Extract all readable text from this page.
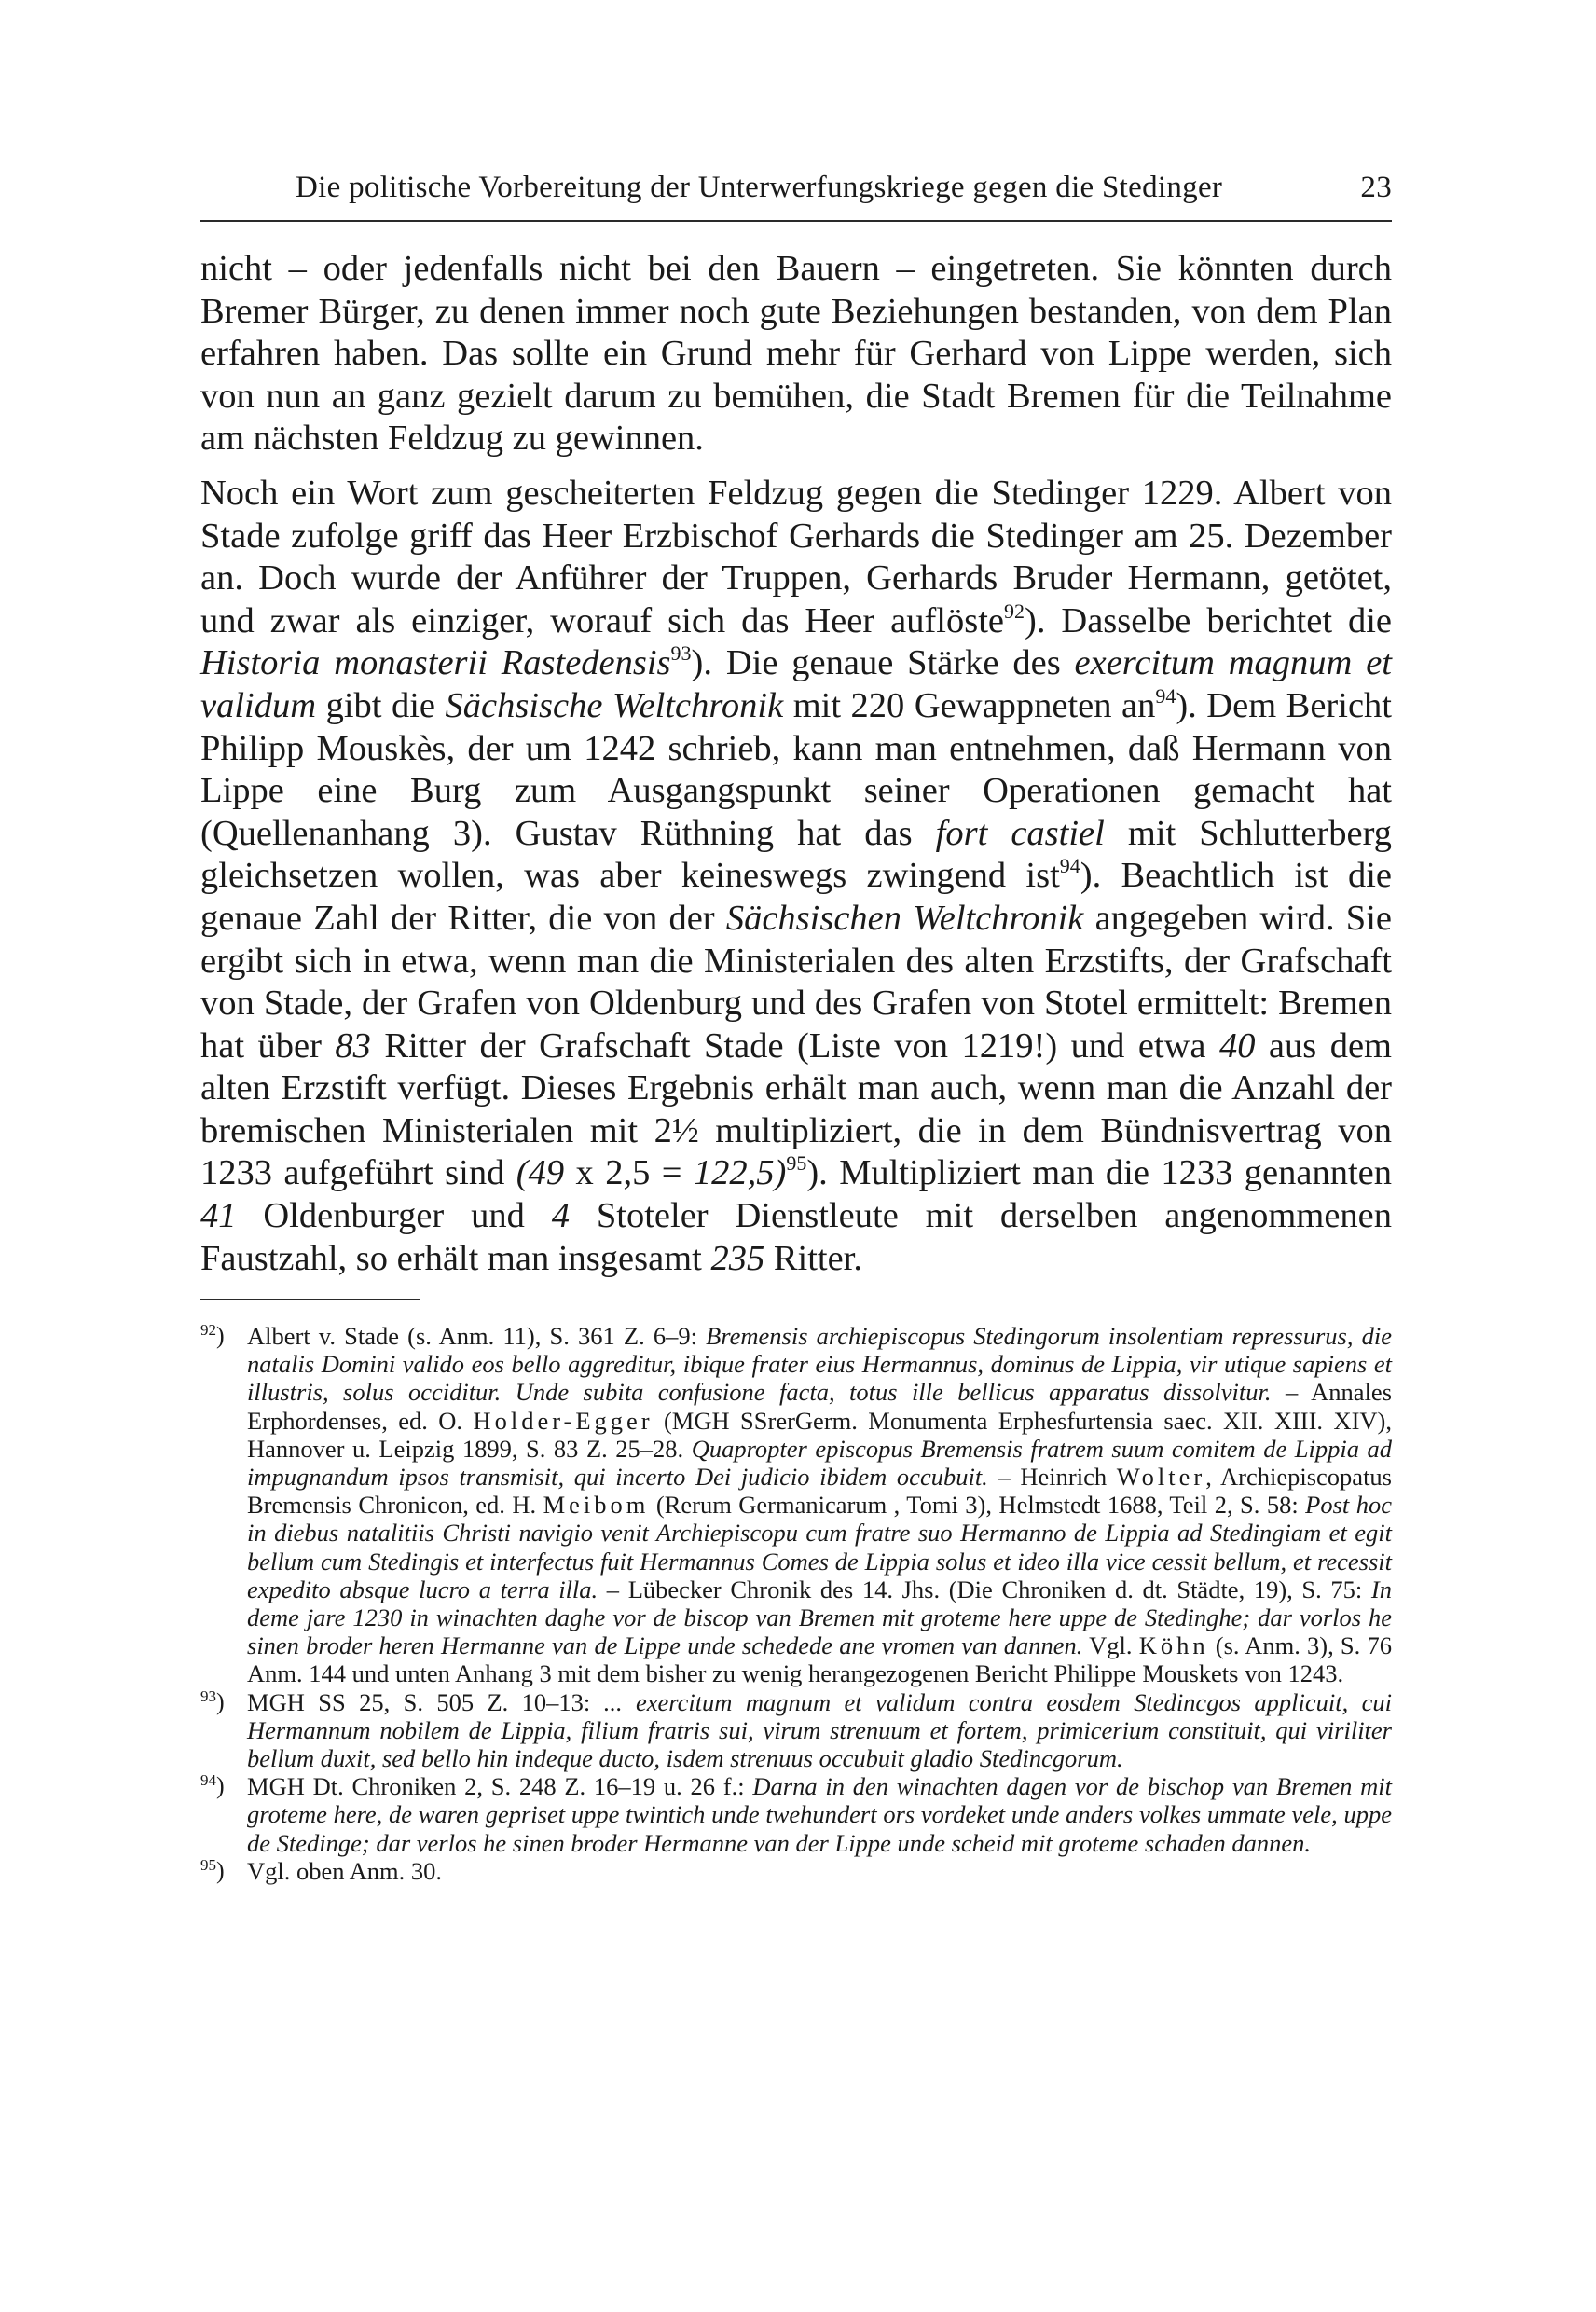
Die politische Vorbereitung der Unterwerfungskriege gegen die Stedinger	23

nicht – oder jedenfalls nicht bei den Bauern – eingetreten. Sie könnten durch Bremer Bürger, zu denen immer noch gute Beziehungen bestanden, von dem Plan erfahren haben. Das sollte ein Grund mehr für Gerhard von Lippe werden, sich von nun an ganz gezielt darum zu bemühen, die Stadt Bremen für die Teilnahme am nächsten Feldzug zu gewinnen.

Noch ein Wort zum gescheiterten Feldzug gegen die Stedinger 1229. Albert von Stade zufolge griff das Heer Erzbischof Gerhards die Stedinger am 25. Dezember an. Doch wurde der Anführer der Truppen, Gerhards Bruder Hermann, getötet, und zwar als einziger, worauf sich das Heer auflöste$^{92}$). Dasselbe berichtet die Historia monasterii Rastedensis$^{93}$). Die genaue Stärke des exercitum magnum et validum gibt die Sächsische Weltchronik mit 220 Gewappneten $an^{94}$). Dem Bericht Philipp Mouskès, der um 1242 schrieb, kann man entnehmen, daß Hermann von Lippe eine Burg zum Ausgangspunkt seiner Operationen gemacht hat (Quellenanhang 3). Gustav Rüthning hat das fort castiel mit Schlutterberg gleichsetzen wollen, was aber keineswegs zwingend ist$^{94}$). Beachtlich ist die genaue Zahl der Ritter, die von der Sächsischen Weltchronik angegeben wird. Sie ergibt sich in etwa, wenn man die Ministerialen des alten Erzstifts, der Grafschaft von Stade, der Grafen von Oldenburg und des Grafen von Stotel ermittelt: Bremen hat über 83 Ritter der Grafschaft Stade (Liste von 1219!) und etwa 40 aus dem alten Erzstift verfügt. Dieses Ergebnis erhält man auch, wenn man die Anzahl der bremischen Ministerialen mit 2½ multipliziert, die in dem Bündnisvertrag von 1233 aufgeführt sind (49 x 2,5 = 122,5)$^{95}$). Multipliziert man die 1233 genannten 41 Oldenburger und 4 Stoteler Dienstleute mit derselben angenommenen Faustzahl, so erhält man insgesamt 235 Ritter.

$^{92}$) Albert v. Stade (s. Anm. 11), S. 361 Z. 6–9: Bremensis archiepiscopus Stedingorum insolentiam repressurus, die natalis Domini valido eos bello aggreditur, ibique frater eius Hermannus, dominus de Lippia, vir utique sapiens et illustris, solus occiditur. Unde subita confusione facta, totus ille bellicus apparatus dissolvitur. – Annales Erphordenses, ed. O. Holder-Egger (MGH SSrerGerm. Monumenta Erphesfurtensia saec. XII. XIII. XIV), Hannover u. Leipzig 1899, S. 83 Z. 25–28. Quapropter episcopus Bremensis fratrem suum comitem de Lippia ad impugnandum ipsos transmisit, qui incerto Dei judicio ibidem occubuit. – Heinrich Wolter, Archiepiscopatus Bremensis Chronicon, ed. H. Meibom (Rerum Germanicarum , Tomi 3), Helmstedt 1688, Teil 2, S. 58: Post hoc in diebus natalitiis Christi navigio venit Archiepiscopu cum fratre suo Hermanno de Lippia ad Stedingiam et egit bellum cum Stedingis et interfectus fuit Hermannus Comes de Lippia solus et ideo illa vice cessit bellum, et recessit expedito absque lucro a terra illa. – Lübecker Chronik des 14. Jhs. (Die Chroniken d. dt. Städte, 19), S. 75: In deme jare 1230 in winachten daghe vor de biscop van Bremen mit groteme here uppe de Stedinghe; dar vorlos he sinen broder heren Hermanne van de Lippe unde schedede ane vromen van dannen. Vgl. Köhn (s. Anm. 3), S. 76 Anm. 144 und unten Anhang 3 mit dem bisher zu wenig herangezogenen Bericht Philippe Mouskets von 1243.
$^{93}$) MGH SS 25, S. 505 Z. 10–13: ... exercitum magnum et validum contra eosdem Stedincgos applicuit, cui Hermannum nobilem de Lippia, filium fratris sui, virum strenuum et fortem, primicerium constituit, qui viriliter bellum duxit, sed bello hin indeque ducto, isdem strenuus occubuit gladio Stedincgorum.
$^{94}$) MGH Dt. Chroniken 2, S. 248 Z. 16–19 u. 26 f.: Darna in den winachten dagen vor de bischop van Bremen mit groteme here, de waren gepriset uppe twintich unde twehundert ors vordeket unde anders volkes ummate vele, uppe de Stedinge; dar verlos he sinen broder Hermanne van der Lippe unde scheid mit groteme schaden dannen.
$^{95}$) Vgl. oben Anm. 30.
